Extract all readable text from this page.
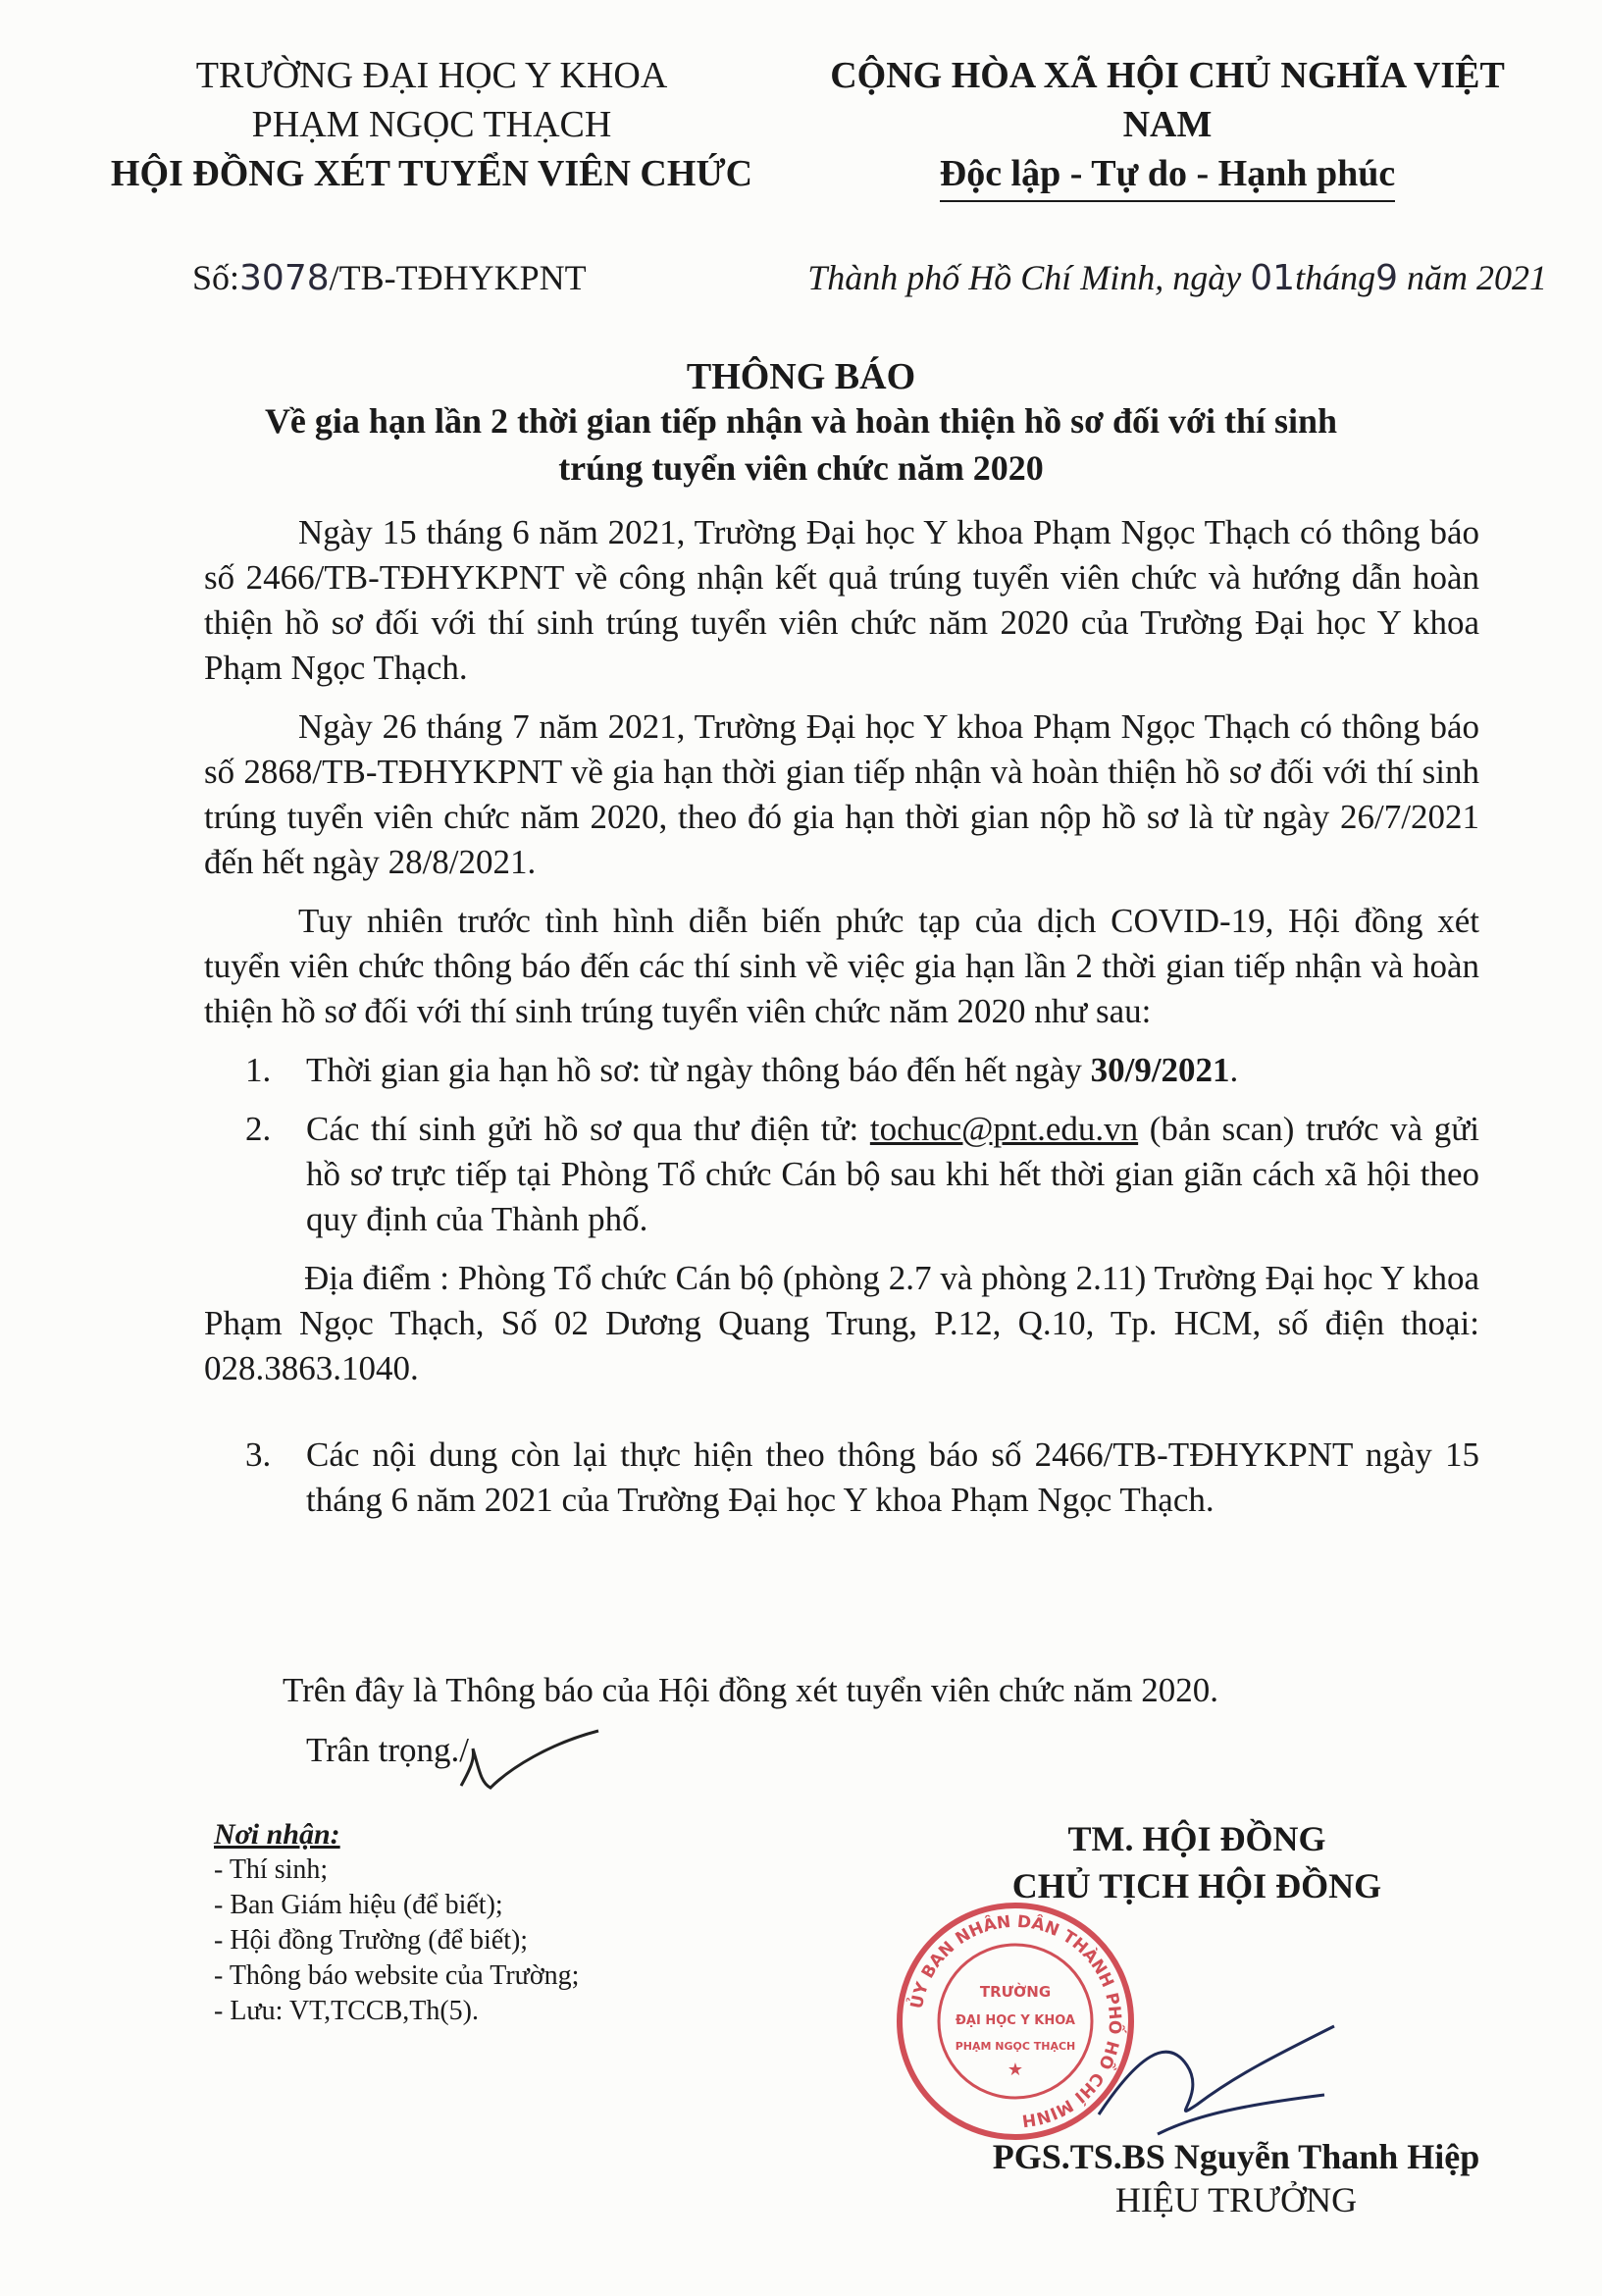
TRƯỜNG ĐẠI HỌC Y KHOA
PHẠM NGỌC THẠCH
HỘI ĐỒNG XÉT TUYỂN VIÊN CHỨC
CỘNG HÒA XÃ HỘI CHỦ NGHĨA VIỆT NAM
Độc lập - Tự do - Hạnh phúc
Số:3078/TB-TĐHYKPNT	Thành phố Hồ Chí Minh, ngày 01tháng9 năm 2021
THÔNG BÁO
Về gia hạn lần 2 thời gian tiếp nhận và hoàn thiện hồ sơ đối với thí sinh
trúng tuyển viên chức năm 2020

Ngày 15 tháng 6 năm 2021, Trường Đại học Y khoa Phạm Ngọc Thạch có thông báo số 2466/TB-TĐHYKPNT về công nhận kết quả trúng tuyển viên chức và hướng dẫn hoàn thiện hồ sơ đối với thí sinh trúng tuyển viên chức năm 2020 của Trường Đại học Y khoa Phạm Ngọc Thạch.

Ngày 26 tháng 7 năm 2021, Trường Đại học Y khoa Phạm Ngọc Thạch có thông báo số 2868/TB-TĐHYKPNT về gia hạn thời gian tiếp nhận và hoàn thiện hồ sơ đối với thí sinh trúng tuyển viên chức năm 2020, theo đó gia hạn thời gian nộp hồ sơ là từ ngày 26/7/2021 đến hết ngày 28/8/2021.

Tuy nhiên trước tình hình diễn biến phức tạp của dịch COVID-19, Hội đồng xét tuyển viên chức thông báo đến các thí sinh về việc gia hạn lần 2 thời gian tiếp nhận và hoàn thiện hồ sơ đối với thí sinh trúng tuyển viên chức năm 2020 như sau:

1.	Thời gian gia hạn hồ sơ: từ ngày thông báo đến hết ngày 30/9/2021.
2.	Các thí sinh gửi hồ sơ qua thư điện tử: tochuc@pnt.edu.vn (bản scan) trước và gửi hồ sơ trực tiếp tại Phòng Tổ chức Cán bộ sau khi hết thời gian giãn cách xã hội theo quy định của Thành phố.

Địa điểm : Phòng Tổ chức Cán bộ (phòng 2.7 và phòng 2.11) Trường Đại học Y khoa Phạm Ngọc Thạch, Số 02 Dương Quang Trung, P.12, Q.10, Tp. HCM, số điện thoại: 028.3863.1040.

3.	Các nội dung còn lại thực hiện theo thông báo số 2466/TB-TĐHYKPNT ngày 15 tháng 6 năm 2021 của Trường Đại học Y khoa Phạm Ngọc Thạch.
Trên đây là Thông báo của Hội đồng xét tuyển viên chức năm 2020.
Trân trọng./
Nơi nhận:
- Thí sinh;
- Ban Giám hiệu (để biết);
- Hội đồng Trường (để biết);
- Thông báo website của Trường;
- Lưu: VT,TCCB,Th(5).
TM. HỘI ĐỒNG
CHỦ TỊCH HỘI ĐỒNG
ỦY BAN NHÂN DÂN THÀNH PHỐ HỒ CHÍ MINH
TRƯỜNG
ĐẠI HỌC Y KHOA
PHẠM NGỌC THẠCH
★
PGS.TS.BS Nguyễn Thanh Hiệp
HIỆU TRƯỞNG
